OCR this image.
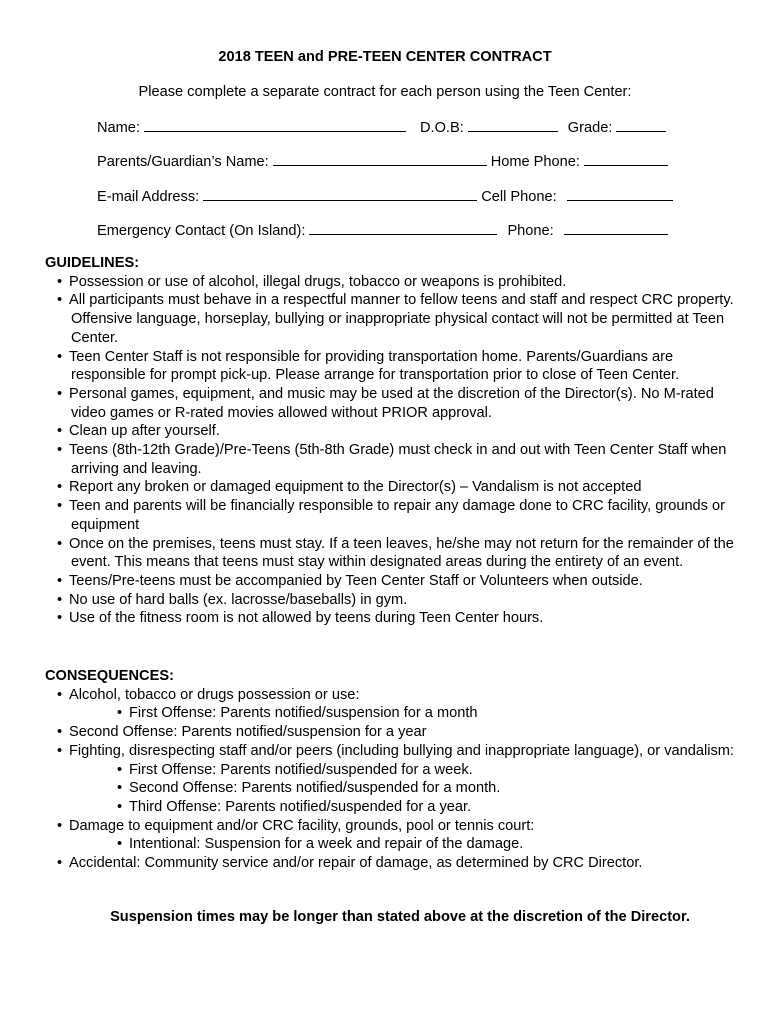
2018 TEEN and PRE-TEEN CENTER CONTRACT
Please complete a separate contract for each person using the Teen Center:
Name:	D.O.B:	Grade:
Parents/Guardian’s Name:	Home Phone:
E-mail Address:	Cell Phone:
Emergency Contact (On Island):	Phone:
GUIDELINES:
• Possession or use of alcohol, illegal drugs, tobacco or weapons is prohibited.
• All participants must behave in a respectful manner to fellow teens and staff and respect CRC property. Offensive language, horseplay, bullying or inappropriate physical contact will not be permitted at Teen Center.
• Teen Center Staff is not responsible for providing transportation home. Parents/Guardians are responsible for prompt pick-up. Please arrange for transportation prior to close of Teen Center.
• Personal games, equipment, and music may be used at the discretion of the Director(s). No M-rated video games or R-rated movies allowed without PRIOR approval.
• Clean up after yourself.
• Teens (8th-12th Grade)/Pre-Teens (5th-8th Grade) must check in and out with Teen Center Staff when arriving and leaving.
• Report any broken or damaged equipment to the Director(s) – Vandalism is not accepted
• Teen and parents will be financially responsible to repair any damage done to CRC facility, grounds or equipment
• Once on the premises, teens must stay. If a teen leaves, he/she may not return for the remainder of the event. This means that teens must stay within designated areas during the entirety of an event.
• Teens/Pre-teens must be accompanied by Teen Center Staff or Volunteers when outside.
• No use of hard balls (ex. lacrosse/baseballs) in gym.
• Use of the fitness room is not allowed by teens during Teen Center hours.
CONSEQUENCES:
• Alcohol, tobacco or drugs possession or use:
• First Offense: Parents notified/suspension for a month
• Second Offense: Parents notified/suspension for a year
• Fighting, disrespecting staff and/or peers (including bullying and inappropriate language), or vandalism:
• First Offense: Parents notified/suspended for a week.
• Second Offense: Parents notified/suspended for a month.
• Third Offense: Parents notified/suspended for a year.
• Damage to equipment and/or CRC facility, grounds, pool or tennis court:
• Intentional: Suspension for a week and repair of the damage.
• Accidental: Community service and/or repair of damage, as determined by CRC Director.
Suspension times may be longer than stated above at the discretion of the Director.
